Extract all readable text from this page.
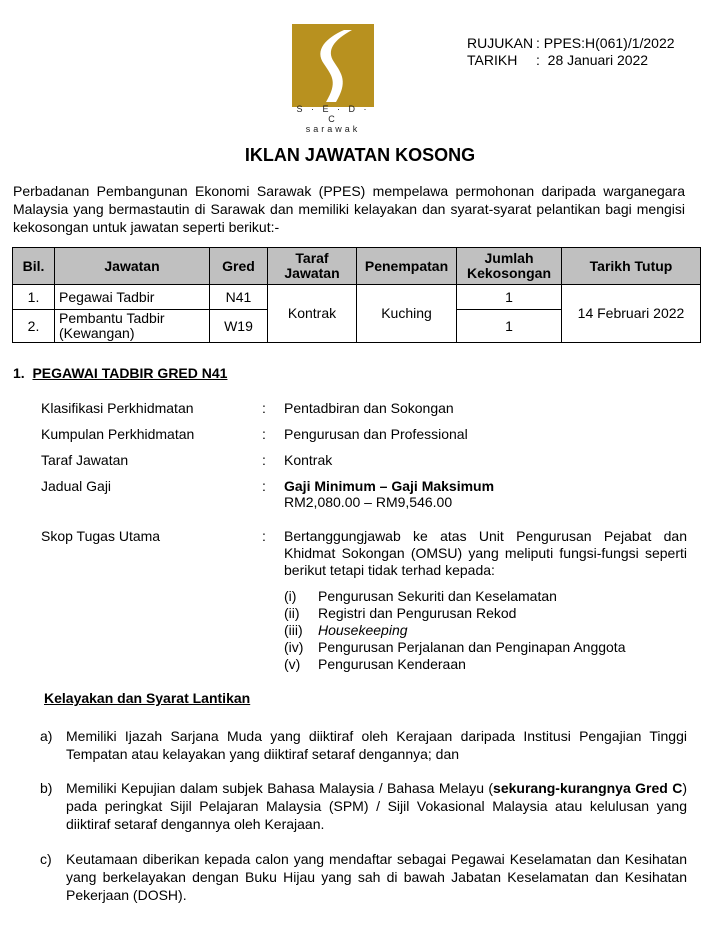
S · E · D · C
sarawak
RUJUKAN : PPES:H(061)/1/2022
TARIKH	: 28 Januari 2022
IKLAN JAWATAN KOSONG
Perbadanan Pembangunan Ekonomi Sarawak (PPES) mempelawa permohonan daripada warganegara Malaysia yang bermastautin di Sarawak dan memiliki kelayakan dan syarat-syarat pelantikan bagi mengisi kekosongan untuk jawatan seperti berikut:-
Bil.	Jawatan	Gred	Taraf Jawatan	Penempatan	Jumlah Kekosongan	Tarikh Tutup
1.	Pegawai Tadbir	N41	Kontrak	Kuching	1	14 Februari 2022
2.	Pembantu Tadbir (Kewangan)	W19			1	
1. PEGAWAI TADBIR GRED N41
Klasifikasi Perkhidmatan	: Pentadbiran dan Sokongan
Kumpulan Perkhidmatan	: Pengurusan dan Professional
Taraf Jawatan	: Kontrak
Jadual Gaji	: Gaji Minimum – Gaji Maksimum
RM2,080.00 – RM9,546.00
Skop Tugas Utama	: Bertanggungjawab ke atas Unit Pengurusan Pejabat dan Khidmat Sokongan (OMSU) yang meliputi fungsi-fungsi seperti berikut tetapi tidak terhad kepada:
(i)	Pengurusan Sekuriti dan Keselamatan
(ii)	Registri dan Pengurusan Rekod
(iii)	Housekeeping
(iv)	Pengurusan Perjalanan dan Penginapan Anggota
(v)	Pengurusan Kenderaan
Kelayakan dan Syarat Lantikan
a) Memiliki Ijazah Sarjana Muda yang diiktiraf oleh Kerajaan daripada Institusi Pengajian Tinggi Tempatan atau kelayakan yang diiktiraf setaraf dengannya; dan
b) Memiliki Kepujian dalam subjek Bahasa Malaysia / Bahasa Melayu (sekurang-kurangnya Gred C) pada peringkat Sijil Pelajaran Malaysia (SPM) / Sijil Vokasional Malaysia atau kelulusan yang diiktiraf setaraf dengannya oleh Kerajaan.
c)	Keutamaan diberikan kepada calon yang mendaftar sebagai Pegawai Keselamatan dan Kesihatan yang berkelayakan dengan Buku Hijau yang sah di bawah Jabatan Keselamatan dan Kesihatan Pekerjaan (DOSH).
